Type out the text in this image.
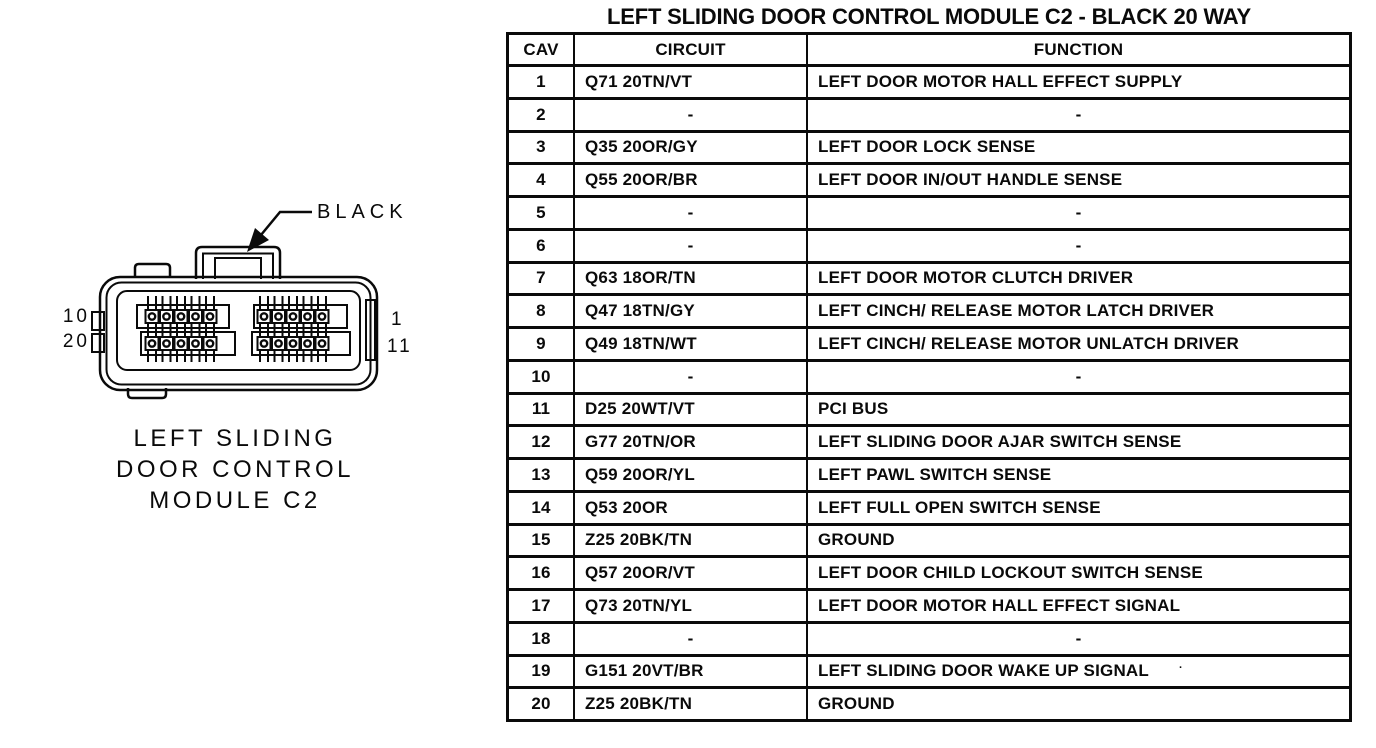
BLACK
10
20
1
11
LEFT SLIDING
DOOR CONTROL
MODULE C2
LEFT SLIDING DOOR CONTROL MODULE C2 - BLACK 20 WAY
CAV	CIRCUIT	FUNCTION
1	Q71 20TN/VT	LEFT DOOR MOTOR HALL EFFECT SUPPLY
2	-	-
3	Q35 20OR/GY	LEFT DOOR LOCK SENSE
4	Q55 20OR/BR	LEFT DOOR IN/OUT HANDLE SENSE
5	-	-
6	-	-
7	Q63 18OR/TN	LEFT DOOR MOTOR CLUTCH DRIVER
8	Q47 18TN/GY	LEFT CINCH/ RELEASE MOTOR LATCH DRIVER
9	Q49 18TN/WT	LEFT CINCH/ RELEASE MOTOR UNLATCH DRIVER
10	-	-
11	D25 20WT/VT	PCI BUS
12	G77 20TN/OR	LEFT SLIDING DOOR AJAR SWITCH SENSE
13	Q59 20OR/YL	LEFT PAWL SWITCH SENSE
14	Q53 20OR	LEFT FULL OPEN SWITCH SENSE
15	Z25 20BK/TN	GROUND
16	Q57 20OR/VT	LEFT DOOR CHILD LOCKOUT SWITCH SENSE
17	Q73 20TN/YL	LEFT DOOR MOTOR HALL EFFECT SIGNAL
18	-	-
19	G151 20VT/BR	LEFT SLIDING DOOR WAKE UP SIGNAL	·
20	Z25 20BK/TN	GROUND
